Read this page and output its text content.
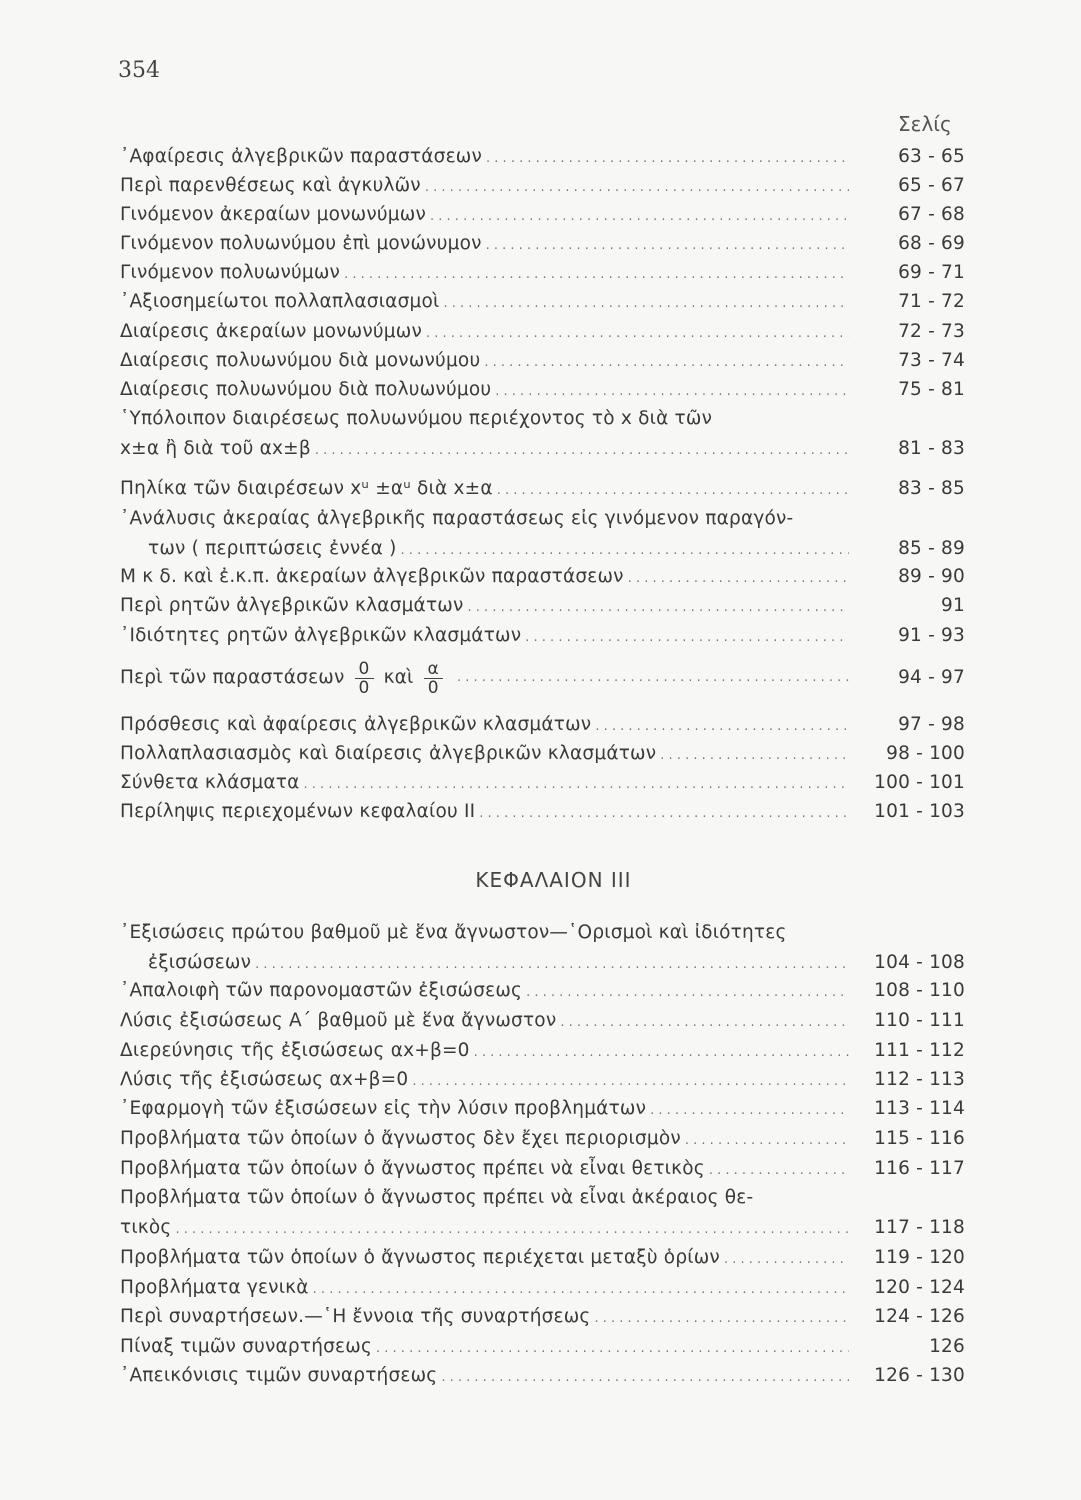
354
Σελίς
᾿Αφαίρεσις ἀλγεβρικῶν παραστάσεων . . .	63 - 65
Περὶ παρενθέσεως καὶ ἀγκυλῶν . . .	65 - 67
Γινόμενον ἀκεραίων μονωνύμων . . .	67 - 68
Γινόμενον πολυωνύμου ἐπὶ μονώνυμον . . .	68 - 69
Γινόμενον πολυωνύμων . . .	69 - 71
᾿Αξιοσημείωτοι πολλαπλασιασμοὶ . . .	71 - 72
Διαίρεσις ἀκεραίων μονωνύμων . . .	72 - 73
Διαίρεσις πολυωνύμου διὰ μονωνύμου . . .	73 - 74
Διαίρεσις πολυωνύμου διὰ πολυωνύμου . . .	75 - 81
῾Υπόλοιπον διαιρέσεως πολυωνύμου περιέχοντος τὸ x διὰ τῶν
x±α ἢ διὰ τοῦ αx±β . . .	81 - 83
Πηλίκα τῶν διαιρέσεων xᵘ ±αᵘ διὰ x±α . . .	83 - 85
᾿Ανάλυσις ἀκεραίας ἀλγεβρικῆς παραστάσεως εἰς γινόμενον παραγόν-
των ( περιπτώσεις ἐννέα ) . . .	85 - 89
Μ κ δ. καὶ ἐ.κ.π. ἀκεραίων ἀλγεβρικῶν παραστάσεων . . .	89 - 90
Περὶ ρητῶν ἀλγεβρικῶν κλασμάτων . . .	91
᾿Ιδιότητες ρητῶν ἀλγεβρικῶν κλασμάτων . . .	91 - 93
Περὶ τῶν παραστάσεων $\frac{0}{0}$ καὶ $\frac{\alpha}{0}$ . . .	94 - 97
Πρόσθεσις καὶ ἀφαίρεσις ἀλγεβρικῶν κλασμάτων . . .	97 - 98
Πολλαπλασιασμὸς καὶ διαίρεσις ἀλγεβρικῶν κλασμάτων . . .	98 - 100
Σύνθετα κλάσματα . . .	100 - 101
Περίληψις περιεχομένων κεφαλαίου II . . .	101 - 103
ΚΕΦΑΛΑΙΟΝ III
᾿Εξισώσεις πρώτου βαθμοῦ μὲ ἕνα ἄγνωστον—῾Ορισμοὶ καὶ ἰδιότητες
ἐξισώσεων . . .	104 - 108
᾿Απαλοιφὴ τῶν παρονομαστῶν ἐξισώσεως . . .	108 - 110
Λύσις ἐξισώσεως Α΄ βαθμοῦ μὲ ἕνα ἄγνωστον . . .	110 - 111
Διερεύνησις τῆς ἐξισώσεως αx+β=0 . . .	111 - 112
Λύσις τῆς ἐξισώσεως αx+β=0 . . .	112 - 113
᾿Εφαρμογὴ τῶν ἐξισώσεων εἰς τὴν λύσιν προβλημάτων . . .	113 - 114
Προβλήματα τῶν ὁποίων ὁ ἄγνωστος δὲν ἔχει περιορισμὸν . . .	115 - 116
Προβλήματα τῶν ὁποίων ὁ ἄγνωστος πρέπει νὰ εἶναι θετικὸς . . .	116 - 117
Προβλήματα τῶν ὁποίων ὁ ἄγνωστος πρέπει νὰ εἶναι ἀκέραιος θε-
τικὸς . . .	117 - 118
Προβλήματα τῶν ὁποίων ὁ ἄγνωστος περιέχεται μεταξὺ ὁρίων . . .	119 - 120
Προβλήματα γενικὰ . . .	120 - 124
Περὶ συναρτήσεων.—῾Η ἔννοια τῆς συναρτήσεως . . .	124 - 126
Πίναξ τιμῶν συναρτήσεως . . .	126
᾿Απεικόνισις τιμῶν συναρτήσεως . . .	126 - 130
